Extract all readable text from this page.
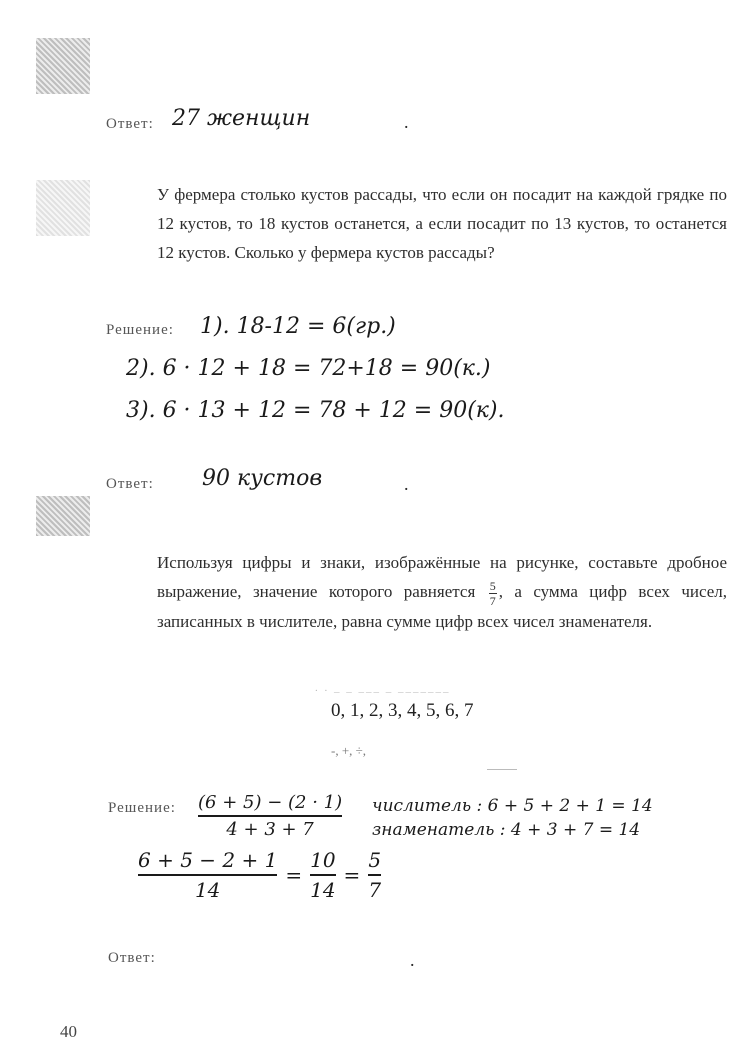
Ответ: 27 женщин	.
У фермера столько кустов рассады, что если он посадит на каждой грядке по 12 кустов, то 18 кустов останется, а если посадит по 13 кустов, то останется 12 кустов. Сколько у фермера кустов рассады?
Решение: 1). 18-12 = 6(гр.)
2). 6 · 12 + 18 = 72+18 = 90(к.)
3). 6 · 13 + 12 = 78 + 12 = 90(к).
Ответ: 90 кустов	.
Используя цифры и знаки, изображённые на рисунке, составьте дробное выражение, значение которого равняется $\frac{5}{7}$ , а сумма цифр всех чисел, записанных в числителе, равна сумме цифр всех чисел знаменателя.
. . _ _ ___ _ _______
0, 1, 2, 3, 4, 5, 6, 7
-, +, ÷,
Решение: $\frac{(6 + 5) - (2 \cdot 1)}{4 + 3 + 7}$ числитель : 6 + 5 + 2 + 1 = 14
знаменатель : 4 + 3 + 7 = 14
6 + 5 − 2 + 1
14
=
10
14
=
5
7
Ответ:	.
40
